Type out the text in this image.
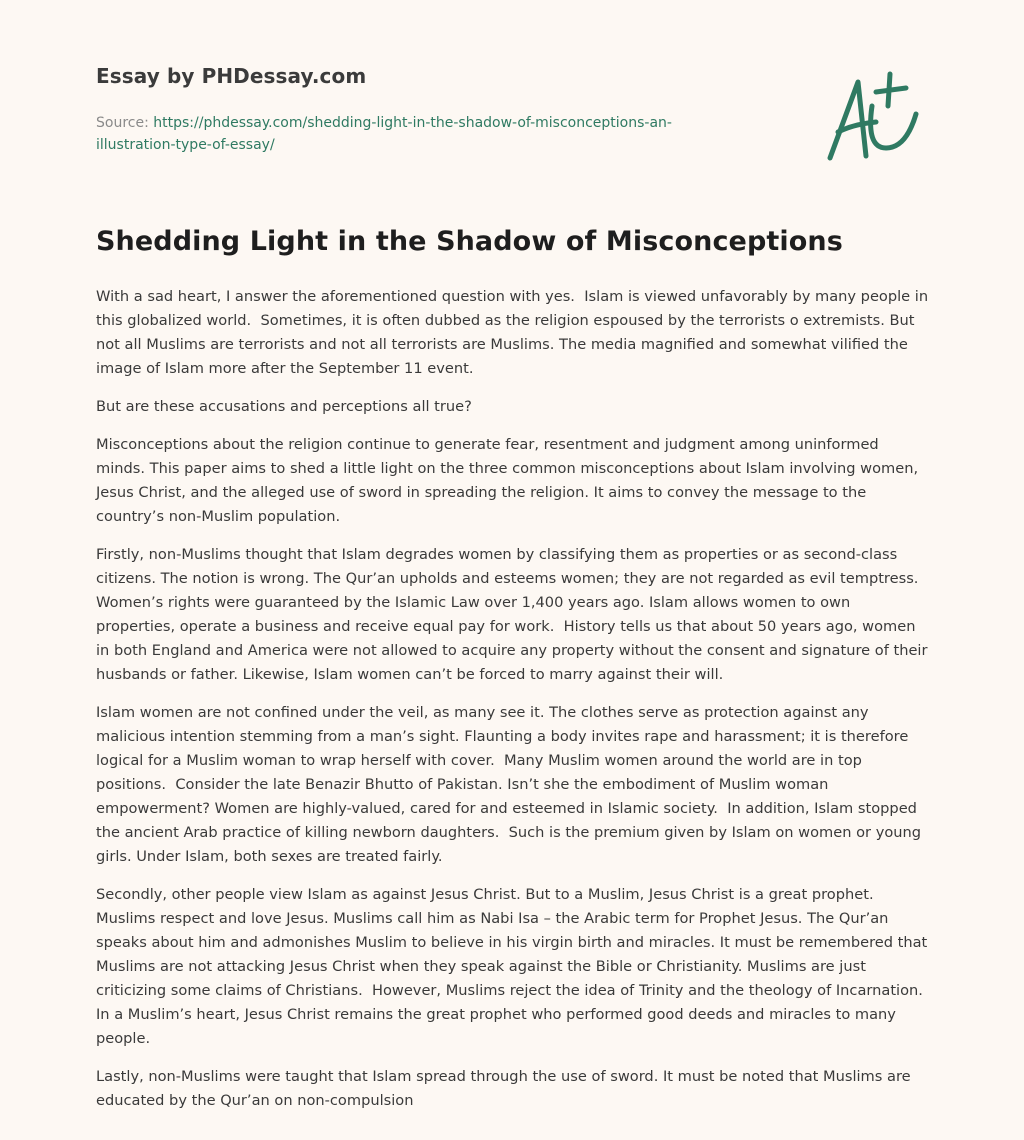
Essay by PHDessay.com
Source: https://phdessay.com/shedding-light-in-the-shadow-of-misconceptions-an-illustration-type-of-essay/
Shedding Light in the Shadow of Misconceptions

With a sad heart, I answer the aforementioned question with yes.  Islam is viewed unfavorably by many people in this globalized world.  Sometimes, it is often dubbed as the religion espoused by the terrorists o extremists. But not all Muslims are terrorists and not all terrorists are Muslims. The media magnified and somewhat vilified the image of Islam more after the September 11 event.

But are these accusations and perceptions all true?

Misconceptions about the religion continue to generate fear, resentment and judgment among uninformed minds. This paper aims to shed a little light on the three common misconceptions about Islam involving women, Jesus Christ, and the alleged use of sword in spreading the religion. It aims to convey the message to the country’s non-Muslim population.

Firstly, non-Muslims thought that Islam degrades women by classifying them as properties or as second-class citizens. The notion is wrong. The Qur’an upholds and esteems women; they are not regarded as evil temptress. Women’s rights were guaranteed by the Islamic Law over 1,400 years ago. Islam allows women to own properties, operate a business and receive equal pay for work.  History tells us that about 50 years ago, women in both England and America were not allowed to acquire any property without the consent and signature of their husbands or father. Likewise, Islam women can’t be forced to marry against their will.

Islam women are not confined under the veil, as many see it. The clothes serve as protection against any malicious intention stemming from a man’s sight. Flaunting a body invites rape and harassment; it is therefore logical for a Muslim woman to wrap herself with cover.  Many Muslim women around the world are in top positions.  Consider the late Benazir Bhutto of Pakistan. Isn’t she the embodiment of Muslim woman empowerment? Women are highly-valued, cared for and esteemed in Islamic society.  In addition, Islam stopped the ancient Arab practice of killing newborn daughters.  Such is the premium given by Islam on women or young girls. Under Islam, both sexes are treated fairly.

Secondly, other people view Islam as against Jesus Christ. But to a Muslim, Jesus Christ is a great prophet. Muslims respect and love Jesus. Muslims call him as Nabi Isa – the Arabic term for Prophet Jesus. The Qur’an speaks about him and admonishes Muslim to believe in his virgin birth and miracles. It must be remembered that Muslims are not attacking Jesus Christ when they speak against the Bible or Christianity. Muslims are just criticizing some claims of Christians.  However, Muslims reject the idea of Trinity and the theology of Incarnation.  In a Muslim’s heart, Jesus Christ remains the great prophet who performed good deeds and miracles to many people.

Lastly, non-Muslims were taught that Islam spread through the use of sword. It must be noted that Muslims are educated by the Qur’an on non-compulsion
